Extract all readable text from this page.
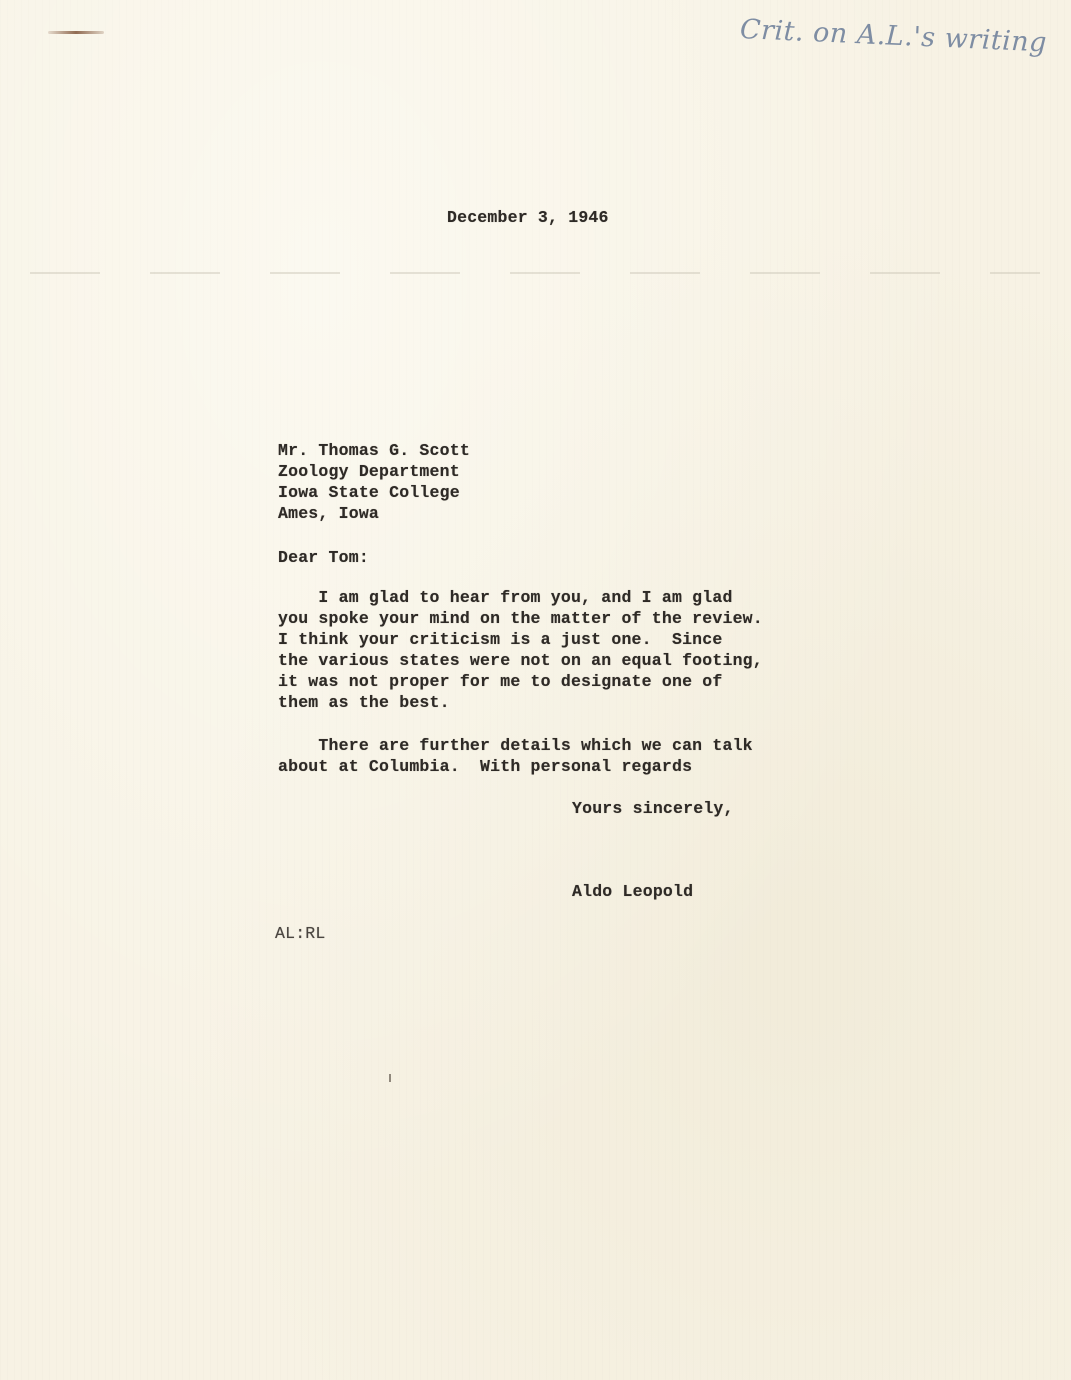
Crit. on A.L.'s writing
December 3, 1946
Mr. Thomas G. Scott
Zoology Department
Iowa State College
Ames, Iowa
Dear Tom:
I am glad to hear from you, and I am glad
you spoke your mind on the matter of the review.
I think your criticism is a just one.  Since
the various states were not on an equal footing,
it was not proper for me to designate one of
them as the best.
There are further details which we can talk
about at Columbia.  With personal regards
Yours sincerely,
Aldo Leopold
AL:RL
